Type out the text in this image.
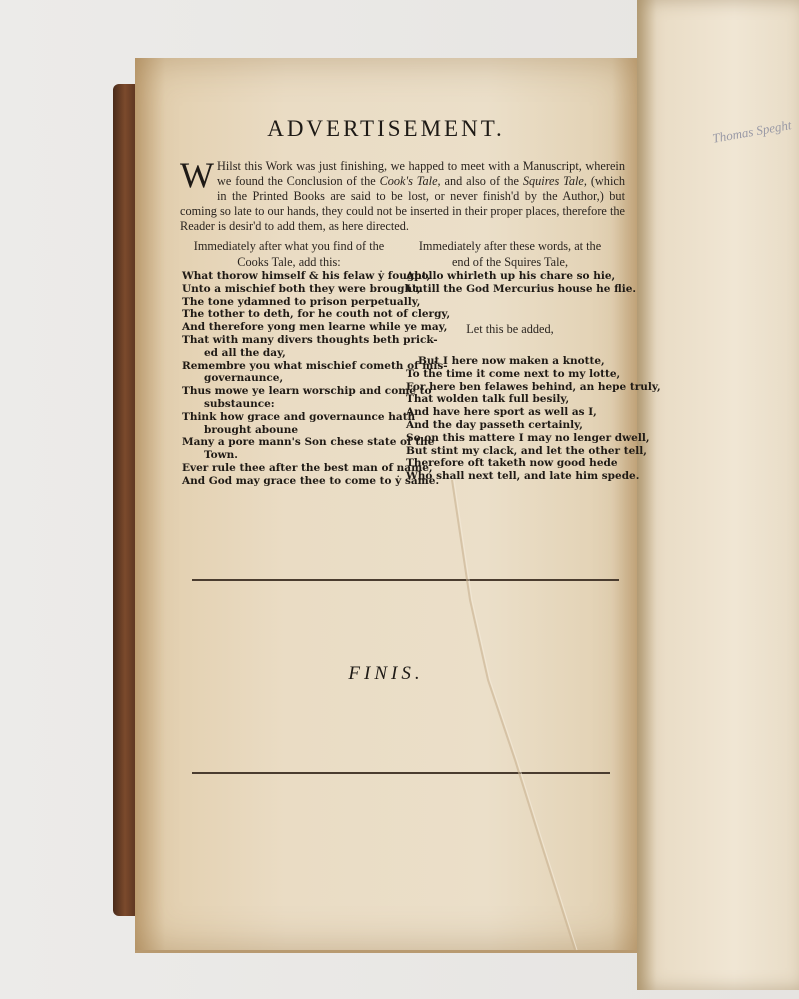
Thomas Speght
ADVERTISEMENT.
W Hilst this Work was just finishing, we happed to meet with a Manuscript, wherein we found the Conclusion of the Cook's Tale, and also of the Squires Tale, (which in the Printed Books are said to be lost, or never finish'd by the Author,) but coming so late to our hands, they could not be inserted in their proper places, therefore the Reader is desir'd to add them, as here directed.
Immediately after what you find of the
Cooks Tale, add this:
Immediately after these words, at the
end of the Squires Tale,
What thorow himself & his felaw ẏ fought,
Unto a mischief both they were brought,
The tone ydamned to prison perpetually,
The tother to deth, for he couth not of clergy,
And therefore yong men learne while ye may,
That with many divers thoughts beth prick-
ed all the day,
Remembre you what mischief cometh of mis-
governaunce,
Thus mowe ye learn worschip and come to
substaunce:
Think how grace and governaunce hath
brought aboune
Many a pore mann's Son chese state of the
Town.
Ever rule thee after the best man of name,
And God may grace thee to come to ẏ same.
Apollo whirleth up his chare so hie,
Untill the God Mercurius house he flie.
Let this be added,
But I here now maken a knotte,
To the time it come next to my lotte,
For here ben felawes behind, an hepe truly,
That wolden talk full besily,
And have here sport as well as I,
And the day passeth certainly,
So on this mattere I may no lenger dwell,
But stint my clack, and let the other tell,
Therefore oft taketh now good hede
Who shall next tell, and late him spede.
FINIS.
